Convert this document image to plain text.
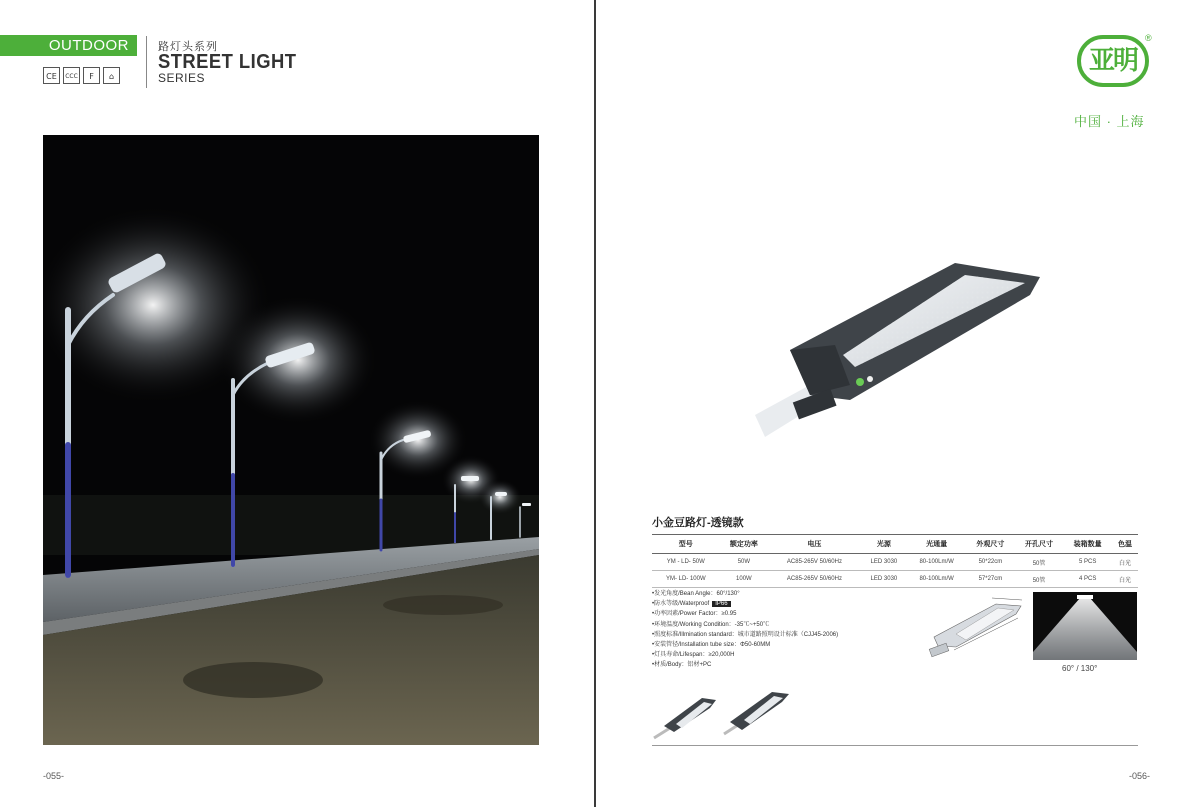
OUTDOOR
CE	CCC	F	⌂
路灯头系列
STREET LIGHT
SERIES
-055-
亚明
®
中国 · 上海
小金豆路灯-透镜款
型号	额定功率	电压	光源	光通量	外观尺寸	开孔尺寸	装箱数量	色温
YM - LD- 50W	50W	AC85-265V 50/60Hz	LED 3030	80-100Lm/W	50*22cm	50管	5 PCS	白光
YM- LD- 100W	100W	AC85-265V 50/60Hz	LED 3030	80-100Lm/W	57*27cm	50管	4 PCS	白光
•发光角度/Bean Angle：60°/130°
•防水等级/Waterproof IP66
•功率因素/Power Factor：≥0.95
•环境温度/Working Condition：-35℃~+50℃
•照度标准/Illmination standard：城市道路照明设计标准（CJJ45-2006)
•安装管径/Installation tube size：Φ50-60MM
•灯具寿命/Lifespan：≥20,000H
•材质/Body：铝材+PC	60° / 130°
-056-
